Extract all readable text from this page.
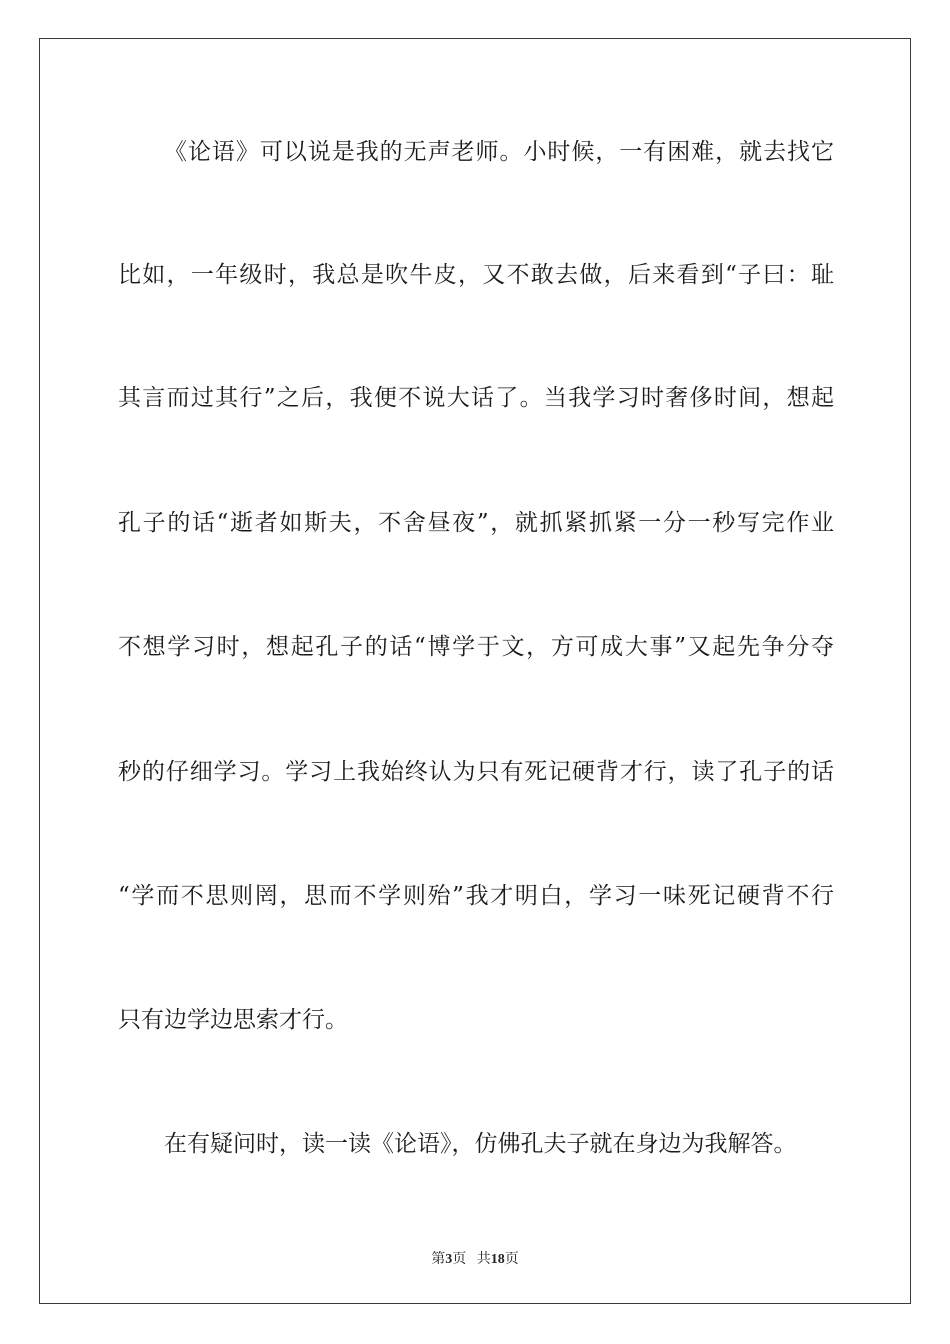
《论语》可以说是我的无声老师。小时候，一有困难，就去找它
比如，一年级时，我总是吹牛皮，又不敢去做，后来看到“子曰：耻
其言而过其行”之后，我便不说大话了。当我学习时奢侈时间，想起
孔子的话“逝者如斯夫，不舍昼夜”，就抓紧抓紧一分一秒写完作业
不想学习时，想起孔子的话“博学于文，方可成大事”又起先争分夺
秒的仔细学习。学习上我始终认为只有死记硬背才行，读了孔子的话
“学而不思则罔，思而不学则殆”我才明白，学习一味死记硬背不行
只有边学边思索才行。
在有疑问时，读一读《论语》，仿佛孔夫子就在身边为我解答。
第3页 共18页
